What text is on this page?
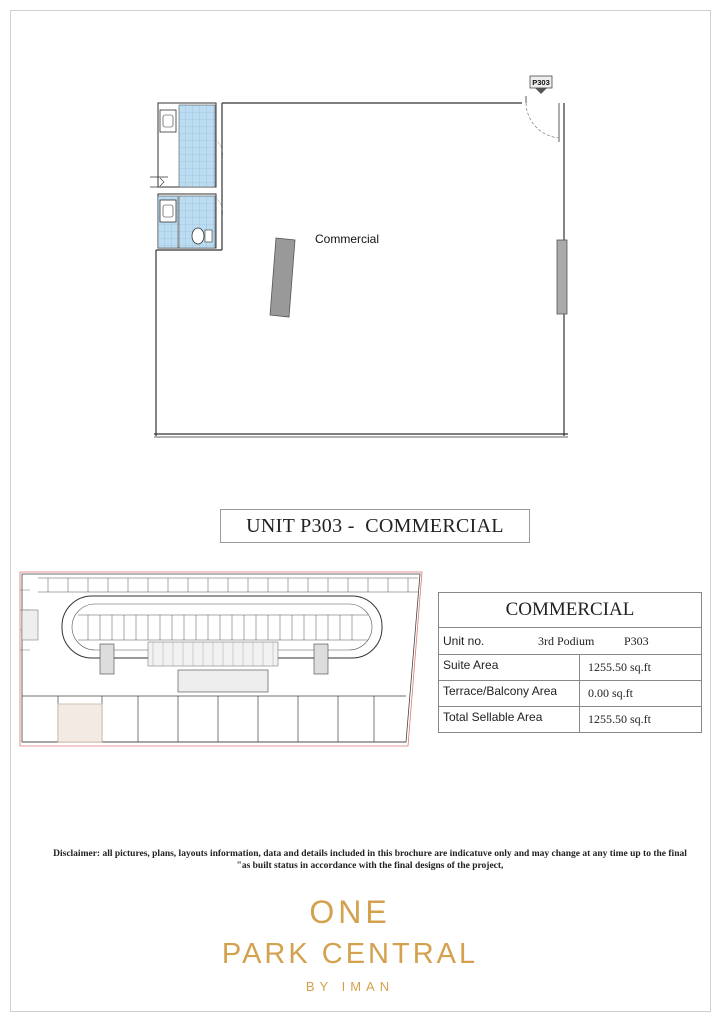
P303
Commercial
UNIT P303 -  COMMERCIAL
COMMERCIAL
Unit no.	3rd Podium	P303
Suite Area	1255.50 sq.ft
Terrace/Balcony Area	0.00 sq.ft
Total Sellable Area	1255.50 sq.ft
Disclaimer: all pictures, plans, layouts information, data and details included in this brochure are indicatuve only and may change at any time up to the final
"as built status in accordance with the final designs of the project,
ONE
PARK CENTRAL
BY IMAN
